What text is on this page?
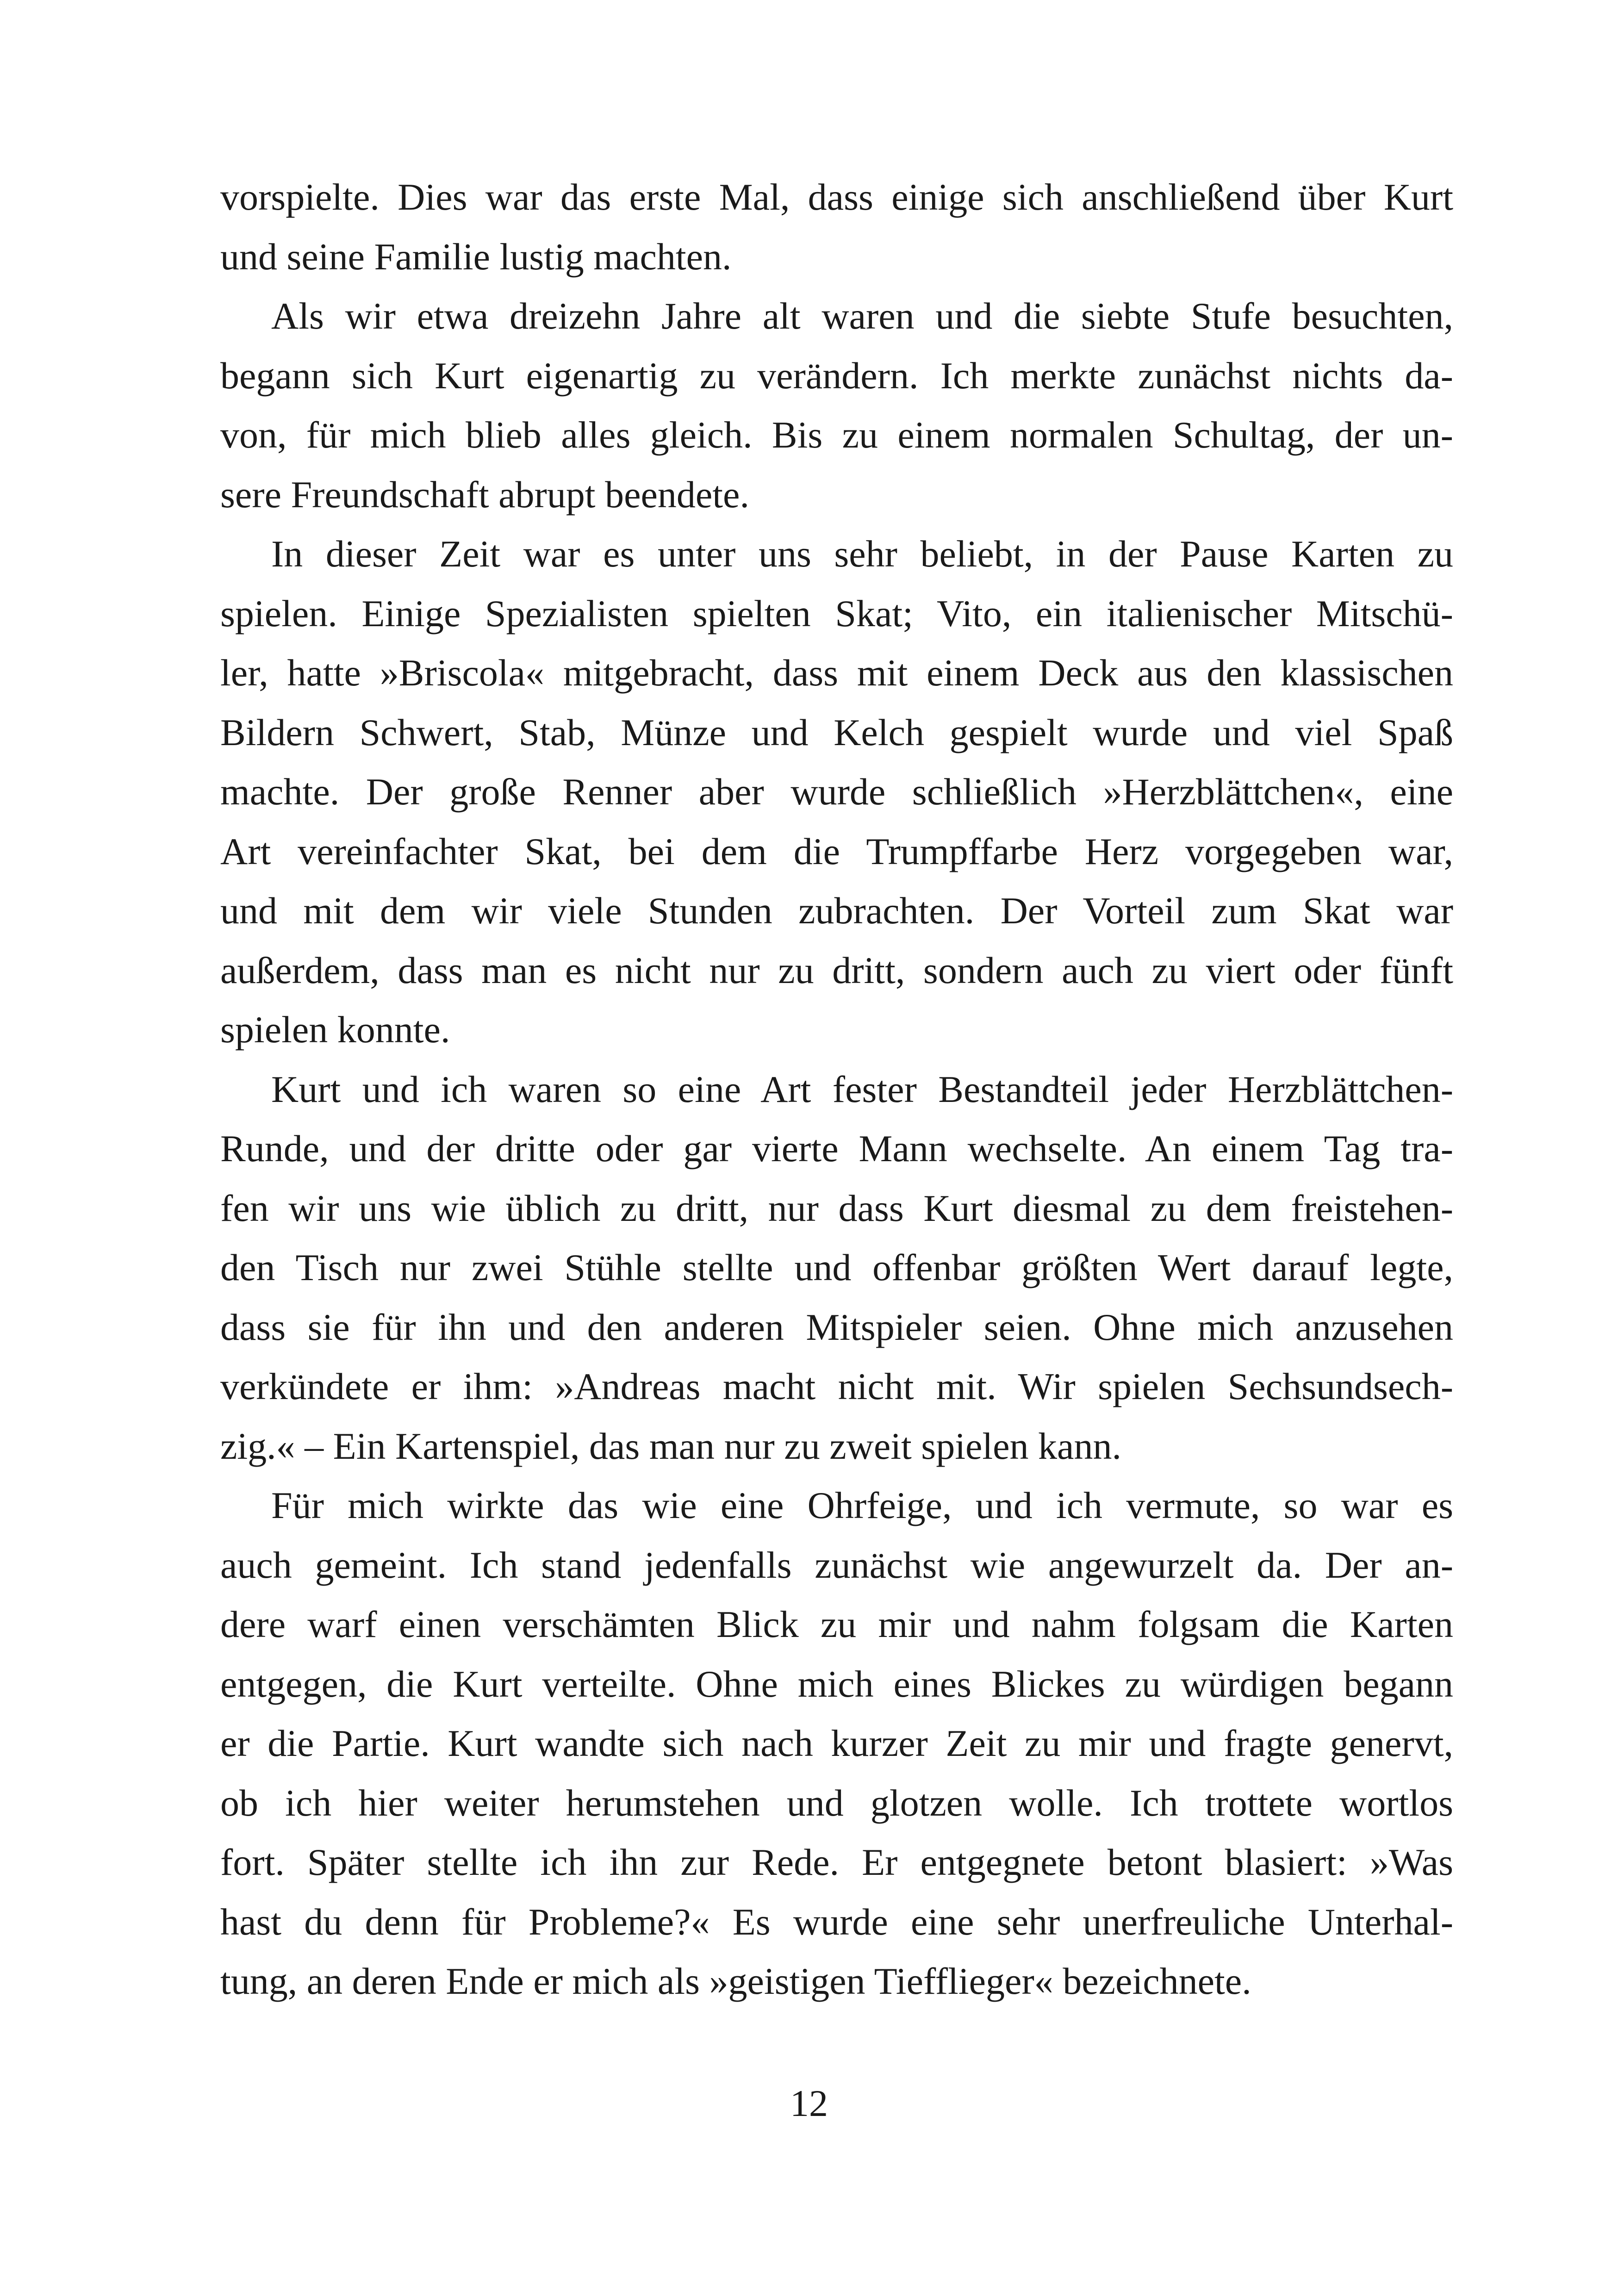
vorspielte. Dies war das erste Mal, dass einige sich anschließend über Kurt
und seine Familie lustig machten.

Als wir etwa dreizehn Jahre alt waren und die siebte Stufe besuchten,
begann sich Kurt eigenartig zu verändern. Ich merkte zunächst nichts da-
von, für mich blieb alles gleich. Bis zu einem normalen Schultag, der un-
sere Freundschaft abrupt beendete.

In dieser Zeit war es unter uns sehr beliebt, in der Pause Karten zu
spielen. Einige Spezialisten spielten Skat; Vito, ein italienischer Mitschü-
ler, hatte »Briscola« mitgebracht, dass mit einem Deck aus den klassischen
Bildern Schwert, Stab, Münze und Kelch gespielt wurde und viel Spaß
machte. Der große Renner aber wurde schließlich »Herzblättchen«, eine
Art vereinfachter Skat, bei dem die Trumpffarbe Herz vorgegeben war,
und mit dem wir viele Stunden zubrachten. Der Vorteil zum Skat war
außerdem, dass man es nicht nur zu dritt, sondern auch zu viert oder fünft
spielen konnte.

Kurt und ich waren so eine Art fester Bestandteil jeder Herzblättchen-
Runde, und der dritte oder gar vierte Mann wechselte. An einem Tag tra-
fen wir uns wie üblich zu dritt, nur dass Kurt diesmal zu dem freistehen-
den Tisch nur zwei Stühle stellte und offenbar größten Wert darauf legte,
dass sie für ihn und den anderen Mitspieler seien. Ohne mich anzusehen
verkündete er ihm: »Andreas macht nicht mit. Wir spielen Sechsundsech-
zig.« – Ein Kartenspiel, das man nur zu zweit spielen kann.

Für mich wirkte das wie eine Ohrfeige, und ich vermute, so war es
auch gemeint. Ich stand jedenfalls zunächst wie angewurzelt da. Der an-
dere warf einen verschämten Blick zu mir und nahm folgsam die Karten
entgegen, die Kurt verteilte. Ohne mich eines Blickes zu würdigen begann
er die Partie. Kurt wandte sich nach kurzer Zeit zu mir und fragte genervt,
ob ich hier weiter herumstehen und glotzen wolle. Ich trottete wortlos
fort. Später stellte ich ihn zur Rede. Er entgegnete betont blasiert: »Was
hast du denn für Probleme?« Es wurde eine sehr unerfreuliche Unterhal-
tung, an deren Ende er mich als »geistigen Tiefflieger« bezeichnete.

12
